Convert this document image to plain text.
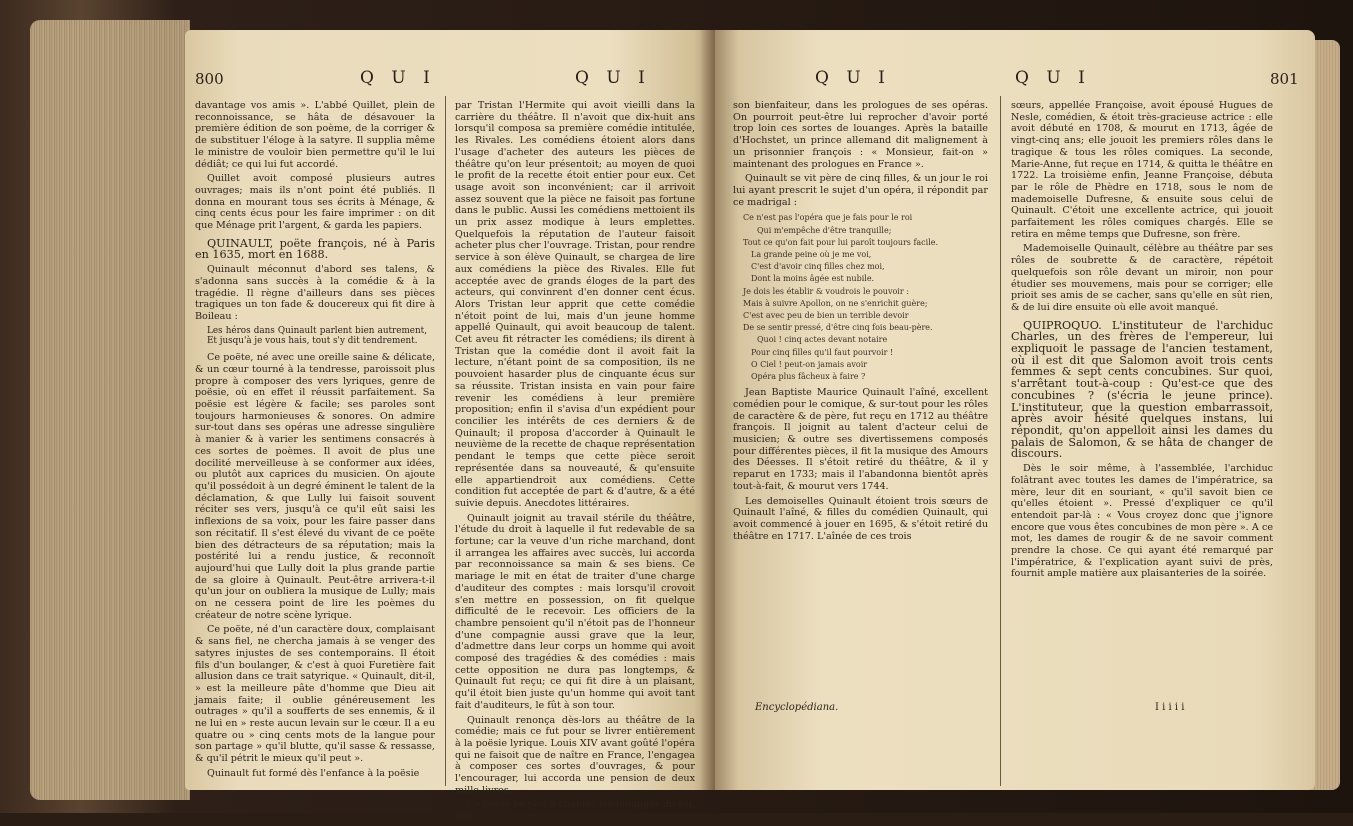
800	Q U I	Q U I

davantage vos amis ». L'abbé Quillet, plein de reconnoissance, se hâta de désavouer la première édition de son poème, de la corriger & de substituer l'éloge à la satyre. Il supplia même le ministre de vouloir bien permettre qu'il le lui dédiât; ce qui lui fut accordé.

Quillet avoit composé plusieurs autres ouvrages; mais ils n'ont point été publiés. Il donna en mourant tous ses écrits à Ménage, & cinq cents écus pour les faire imprimer : on dit que Ménage prit l'argent, & garda les papiers.

QUINAULT, poëte françois, né à Paris en 1635, mort en 1688.

Quinault méconnut d'abord ses talens, & s'adonna sans succès à la comédie & à la tragédie. Il règne d'ailleurs dans ses pièces tragiques un ton fade & doucereux qui fit dire à Boileau :

Les héros dans Quinault parlent bien autrement, Et jusqu'à je vous hais, tout s'y dit tendrement.

Ce poëte, né avec une oreille saine & délicate, & un cœur tourné à la tendresse, paroissoit plus propre à composer des vers lyriques, genre de poësie, où en effet il réussit parfaitement. Sa poësie est légère & facile; ses paroles sont toujours harmonieuses & sonores. On admire sur-tout dans ses opéras une adresse singulière à manier & à varier les sentimens consacrés à ces sortes de poèmes. Il avoit de plus une docilité merveilleuse à se conformer aux idées, ou plutôt aux caprices du musicien. On ajoute qu'il possédoit à un degré éminent le talent de la déclamation, & que Lully lui faisoit souvent réciter ses vers, jusqu'à ce qu'il eût saisi les inflexions de sa voix, pour les faire passer dans son récitatif. Il s'est élevé du vivant de ce poëte bien des détracteurs de sa réputation; mais la postérité lui a rendu justice, & reconnoît aujourd'hui que Lully doit la plus grande partie de sa gloire à Quinault. Peut-être arrivera-t-il qu'un jour on oubliera la musique de Lully; mais on ne cessera point de lire les poèmes du créateur de notre scène lyrique.

Ce poëte, né d'un caractère doux, complaisant & sans fiel, ne chercha jamais à se venger des satyres injustes de ses contemporains. Il étoit fils d'un boulanger, & c'est à quoi Furetière fait allusion dans ce trait satyrique. « Quinault, dit-il, » est la meilleure pâte d'homme que Dieu ait jamais faite; il oublie généreusement les outrages » qu'il a soufferts de ses ennemis, & il ne lui en » reste aucun levain sur le cœur. Il a eu quatre ou » cinq cents mots de la langue pour son partage » qu'il blutte, qu'il sasse & ressasse, & qu'il pétrit le mieux qu'il peut ».

Quinault fut formé dès l'enfance à la poësie

par Tristan l'Hermite qui avoit vieilli dans la carrière du théâtre. Il n'avoit que dix-huit ans lorsqu'il composa sa première comédie intitulée, les Rivales. Les comédiens étoient alors dans l'usage d'acheter des auteurs les pièces de théâtre qu'on leur présentoit; au moyen de quoi le profit de la recette étoit entier pour eux. Cet usage avoit son inconvénient; car il arrivoit assez souvent que la pièce ne faisoit pas fortune dans le public. Aussi les comédiens mettoient ils un prix assez modique à leurs emplettes. Quelquefois la réputation de l'auteur faisoit acheter plus cher l'ouvrage. Tristan, pour rendre service à son élève Quinault, se chargea de lire aux comédiens la pièce des Rivales. Elle fut acceptée avec de grands éloges de la part des acteurs, qui convinrent d'en donner cent écus. Alors Tristan leur apprit que cette comédie n'étoit point de lui, mais d'un jeune homme appellé Quinault, qui avoit beaucoup de talent. Cet aveu fit rétracter les comédiens; ils dirent à Tristan que la comédie dont il avoit fait la lecture, n'étant point de sa composition, ils ne pouvoient hasarder plus de cinquante écus sur sa réussite. Tristan insista en vain pour faire revenir les comédiens à leur première proposition; enfin il s'avisa d'un expédient pour concilier les intérêts de ces derniers & de Quinault; il proposa d'accorder à Quinault le neuvième de la recette de chaque représentation pendant le temps que cette pièce seroit représentée dans sa nouveauté, & qu'ensuite elle appartiendroit aux comédiens. Cette condition fut acceptée de part & d'autre, & a été suivie depuis. Anecdotes littéraires.

Quinault joignit au travail stérile du théâtre, l'étude du droit à laquelle il fut redevable de sa fortune; car la veuve d'un riche marchand, dont il arrangea les affaires avec succès, lui accorda par reconnoissance sa main & ses biens. Ce mariage le mit en état de traiter d'une charge d'auditeur des comptes : mais lorsqu'il crovoit s'en mettre en possession, on fit quelque difficulté de le recevoir. Les officiers de la chambre pensoient qu'il n'étoit pas de l'honneur d'une compagnie aussi grave que la leur, d'admettre dans leur corps un homme qui avoit composé des tragédies & des comédies : mais cette opposition ne dura pas longtemps, & Quinault fut reçu; ce qui fit dire à un plaisant, qu'il étoit bien juste qu'un homme qui avoit tant fait d'auditeurs, le fût à son tour.

Quinault renonça dès-lors au théâtre de la comédie; mais ce fut pour se livrer entièrement à la poësie lyrique. Louis XIV avant goûté l'opéra qui ne faisoit que de naître en France, l'engagea à composer ces sortes d'ouvrages, & pour l'encourager, lui accorda une pension de deux mille livres.

Ce poëte se plut à chanter les louanges du roi, son

Q U I	Q U I	801

son bienfaiteur, dans les prologues de ses opéras. On pourroit peut-être lui reprocher d'avoir porté trop loin ces sortes de louanges. Après la bataille d'Hochstet, un prince allemand dit malignement à un prisonnier françois : « Monsieur, fait-on » maintenant des prologues en France ».

Quinault se vit père de cinq filles, & un jour le roi lui ayant prescrit le sujet d'un opéra, il répondit par ce madrigal :

Ce n'est pas l'opéra que je fais pour le roi
Qui m'empêche d'être tranquille;
Tout ce qu'on fait pour lui paroît toujours facile.
La grande peine où je me voi,
C'est d'avoir cinq filles chez moi,
Dont la moins âgée est nubile.
Je dois les établir & voudrois le pouvoir :
Mais à suivre Apollon, on ne s'enrichit guère;
C'est avec peu de bien un terrible devoir
De se sentir pressé, d'être cinq fois beau-père.
Quoi ! cinq actes devant notaire
Pour cinq filles qu'il faut pourvoir !
O Ciel ! peut-on jamais avoir
Opéra plus fâcheux à faire ?

Jean Baptiste Maurice Quinault l'aîné, excellent comédien pour le comique, & sur-tout pour les rôles de caractère & de père, fut reçu en 1712 au théâtre françois. Il joignit au talent d'acteur celui de musicien; & outre ses divertissemens composés pour différentes pièces, il fit la musique des Amours des Déesses. Il s'étoit retiré du théâtre, & il y reparut en 1733; mais il l'abandonna bientôt après tout-à-fait, & mourut vers 1744.

Les demoiselles Quinault étoient trois sœurs de Quinault l'aîné, & filles du comédien Quinault, qui avoit commencé à jouer en 1695, & s'étoit retiré du théâtre en 1717. L'aînée de ces trois

sœurs, appellée Françoise, avoit épousé Hugues de Nesle, comédien, & étoit très-gracieuse actrice : elle avoit débuté en 1708, & mourut en 1713, âgée de vingt-cinq ans; elle jouoit les premiers rôles dans le tragique & tous les rôles comiques. La seconde, Marie-Anne, fut reçue en 1714, & quitta le théâtre en 1722. La troisième enfin, Jeanne Françoise, débuta par le rôle de Phèdre en 1718, sous le nom de mademoiselle Dufresne, & ensuite sous celui de Quinault. C'étoit une excellente actrice, qui jouoit parfaitement les rôles comiques chargés. Elle se retira en même temps que Dufresne, son frère.

Mademoiselle Quinault, célèbre au théâtre par ses rôles de soubrette & de caractère, répétoit quelquefois son rôle devant un miroir, non pour étudier ses mouvemens, mais pour se corriger; elle prioit ses amis de se cacher, sans qu'elle en sût rien, & de lui dire ensuite où elle avoit manqué.

QUIPROQUO. L'instituteur de l'archiduc Charles, un des frères de l'empereur, lui expliquoit le passage de l'ancien testament, où il est dit que Salomon avoit trois cents femmes & sept cents concubines. Sur quoi, s'arrêtant tout-à-coup : Qu'est-ce que des concubines ? (s'écria le jeune prince). L'instituteur, que la question embarrassoit, après avoir hésité quelques instans, lui répondit, qu'on appelloit ainsi les dames du palais de Salomon, & se hâta de changer de discours.

Dès le soir même, à l'assemblée, l'archiduc folâtrant avec toutes les dames de l'impératrice, sa mère, leur dit en souriant, « qu'il savoit bien ce qu'elles étoient ». Pressé d'expliquer ce qu'il entendoit par-là : « Vous croyez donc que j'ignore encore que vous êtes concubines de mon père ». A ce mot, les dames de rougir & de ne savoir comment prendre la chose. Ce qui ayant été remarqué par l'impératrice, & l'explication ayant suivi de près, fournit ample matière aux plaisanteries de la soirée.

Encyclopédiana.	I i i i i
